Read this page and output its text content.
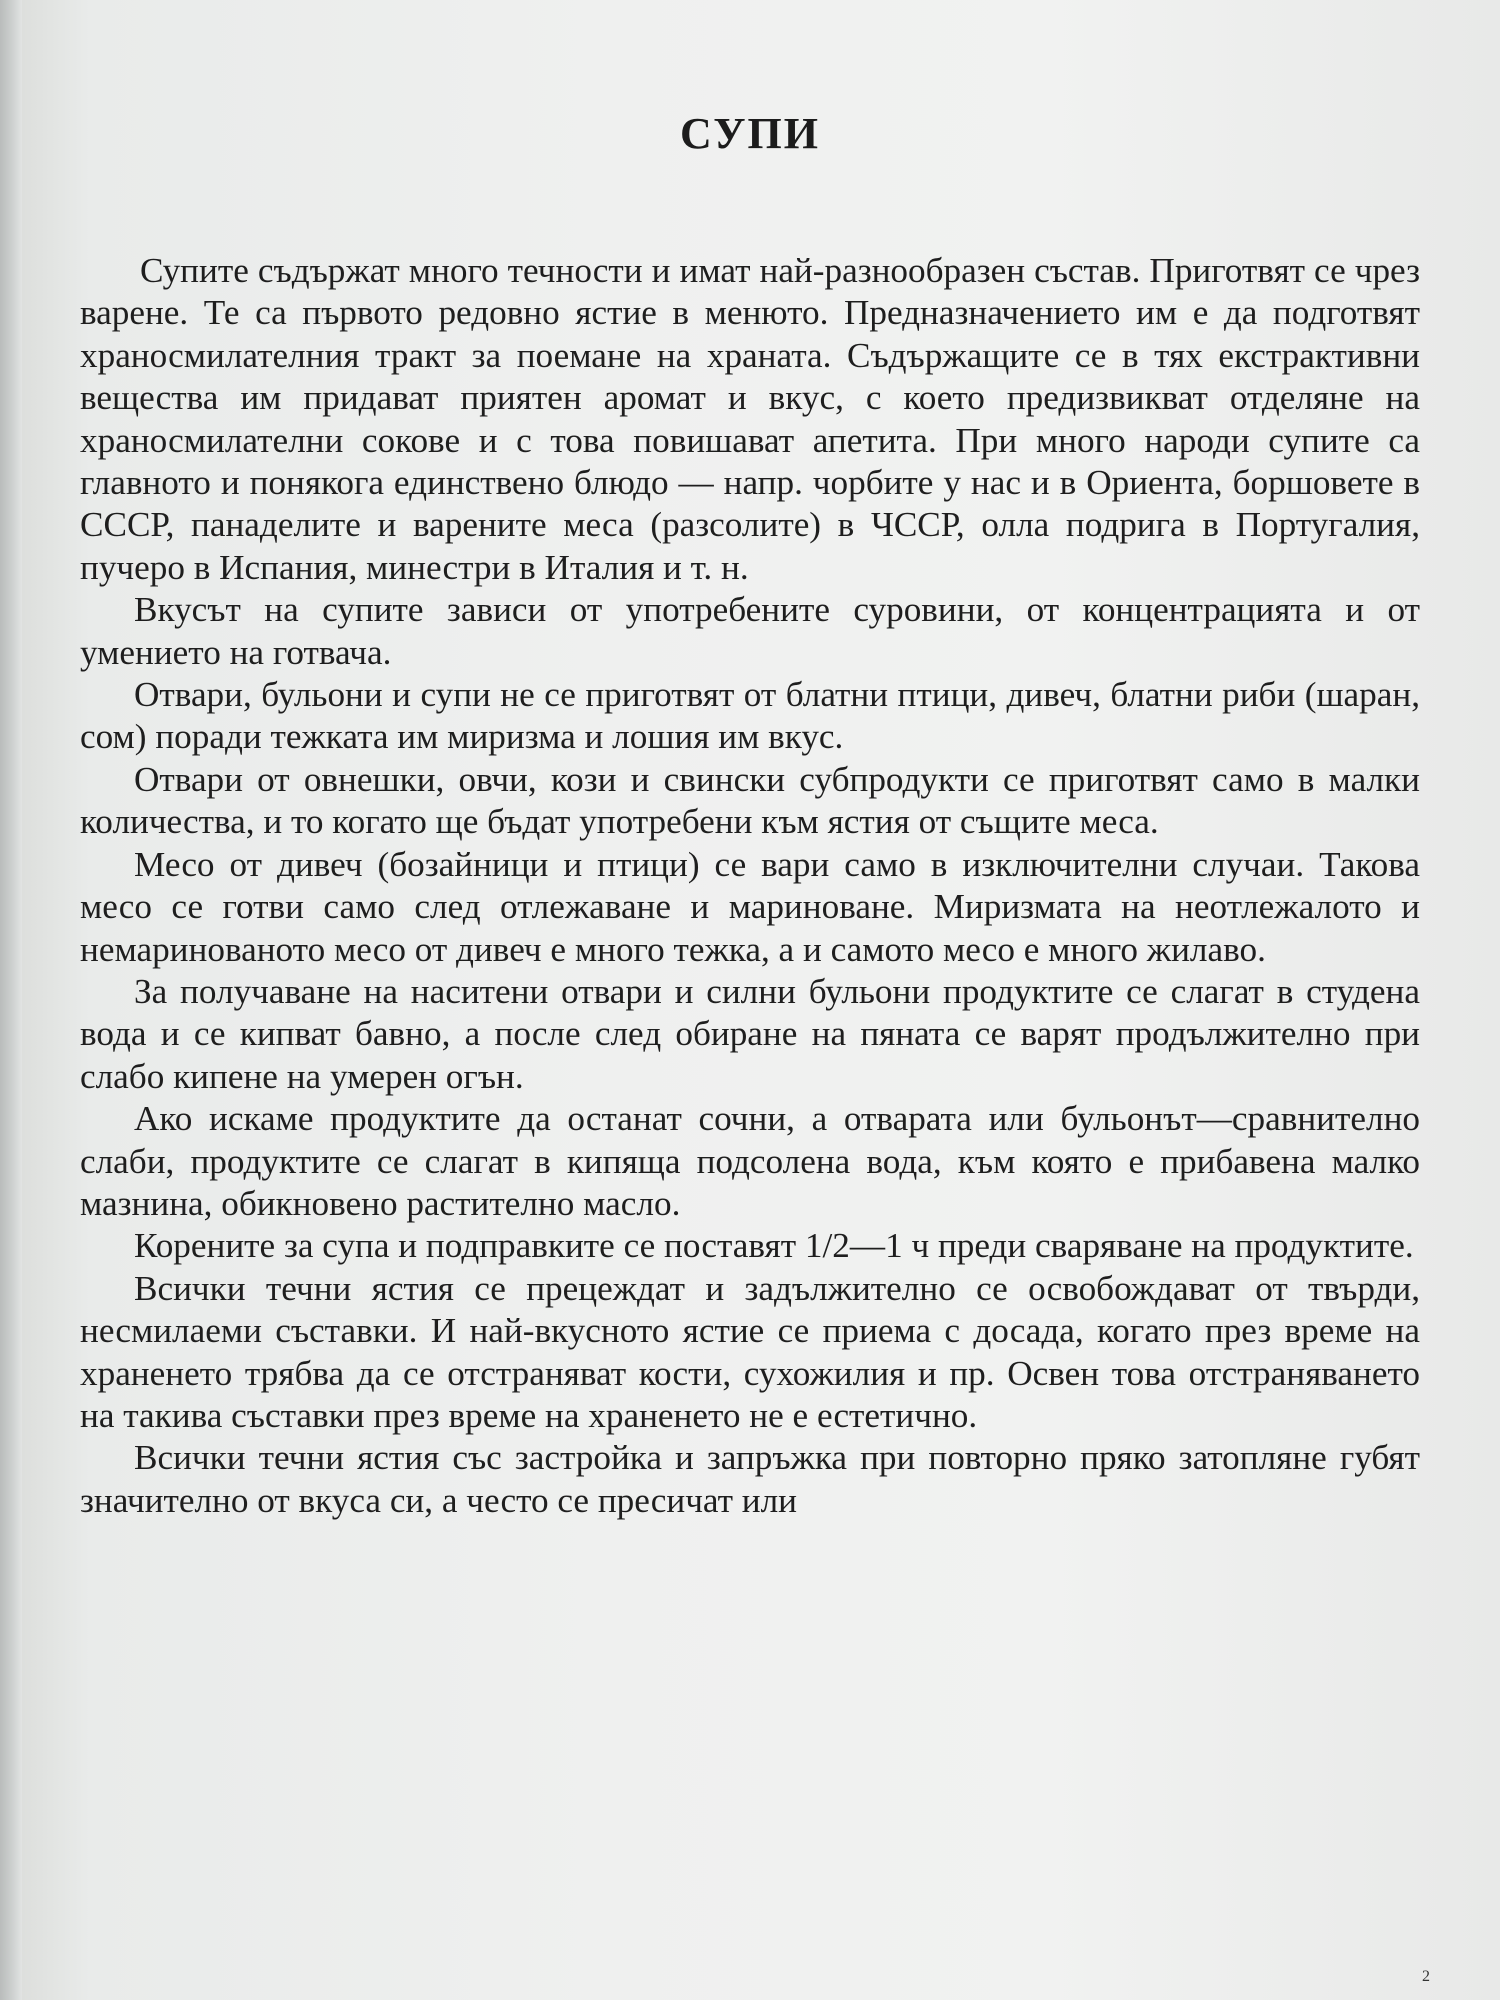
СУПИ

Супите съдържат много течности и имат най-разнообразен състав. Приготвят се чрез варене. Те са първото редовно ястие в менюто. Предназначението им е да подготвят храносмилателния тракт за поемане на храната. Съдържащите се в тях екстрактивни вещества им придават приятен аромат и вкус, с което предизвикват отделяне на храносмилателни сокове и с това повишават апетита. При много народи супите са главното и понякога единствено блюдо — напр. чорбите у нас и в Ориента, боршовете в СССР, панаделите и варените меса (разсолите) в ЧССР, олла подрига в Португалия, пучеро в Испания, минестри в Италия и т. н.

Вкусът на супите зависи от употребените суровини, от концентрацията и от умението на готвача.

Отвари, бульони и супи не се приготвят от блатни птици, дивеч, блатни риби (шаран, сом) поради тежката им миризма и лошия им вкус.

Отвари от овнешки, овчи, кози и свински субпродукти се приготвят само в малки количества, и то когато ще бъдат употребени към ястия от същите меса.

Месо от дивеч (бозайници и птици) се вари само в изключителни случаи. Такова месо се готви само след отлежаване и мариноване. Миризмата на неотлежалото и немаринованото месо от дивеч е много тежка, а и самото месо е много жилаво.

За получаване на наситени отвари и силни бульони продуктите се слагат в студена вода и се кипват бавно, а после след обиране на пяната се варят продължително при слабо кипене на умерен огън.

Ако искаме продуктите да останат сочни, а отварата или бульонът—сравнително слаби, продуктите се слагат в кипяща подсолена вода, към която е прибавена малко мазнина, обикновено растително масло.

Корените за супа и подправките се поставят 1/2—1 ч преди сваряване на продуктите.

Всички течни ястия се прецеждат и задължително се освобождават от твърди, несмилаеми съставки. И най-вкусното ястие се приема с досада, когато през време на храненето трябва да се отстраняват кости, сухожилия и пр. Освен това отстраняването на такива съставки през време на храненето не е естетично.

Всички течни ястия със застройка и запръжка при повторно пряко затопляне губят значително от вкуса си, а често се пресичат или

2
